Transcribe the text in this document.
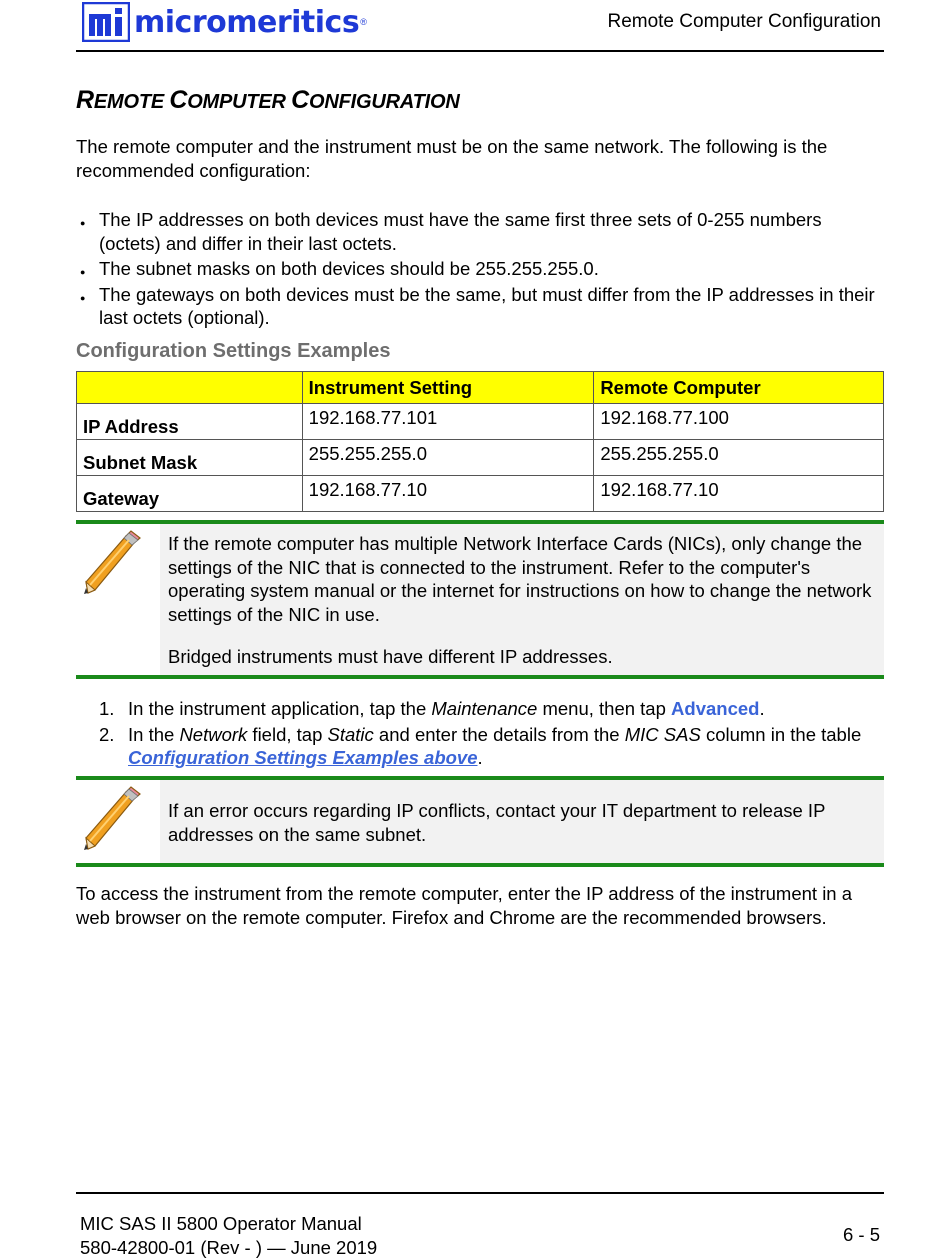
micromeritics ®	Remote Computer Configuration
REMOTE COMPUTER CONFIGURATION

The remote computer and the instrument must be on the same network. The following is the recommended configuration:

● The IP addresses on both devices must have the same first three sets of 0-255 numbers (octets) and differ in their last octets.
● The subnet masks on both devices should be 255.255.255.0.
● The gateways on both devices must be the same, but must differ from the IP addresses in their last octets (optional).
Configuration Settings Examples
	Instrument Setting	Remote Computer
IP Address	192.168.77.101	192.168.77.100
Subnet Mask	255.255.255.0	255.255.255.0
Gateway	192.168.77.10	192.168.77.10

If the remote computer has multiple Network Interface Cards (NICs), only change the settings of the NIC that is connected to the instrument. Refer to the computer's operating system manual or the internet for instructions on how to change the network settings of the NIC in use.

Bridged instruments must have different IP addresses.

1. In the instrument application, tap the Maintenance menu, then tap Advanced.
2. In the Network field, tap Static and enter the details from the MIC SAS column in the table
Configuration Settings Examples above.

If an error occurs regarding IP conflicts, contact your IT department to release IP addresses on the same subnet.

To access the instrument from the remote computer, enter the IP address of the instrument in a web browser on the remote computer. Firefox and Chrome are the recommended browsers.

MIC SAS II 5800 Operator Manual
580-42800-01 (Rev - ) — June 2019
6 - 5
